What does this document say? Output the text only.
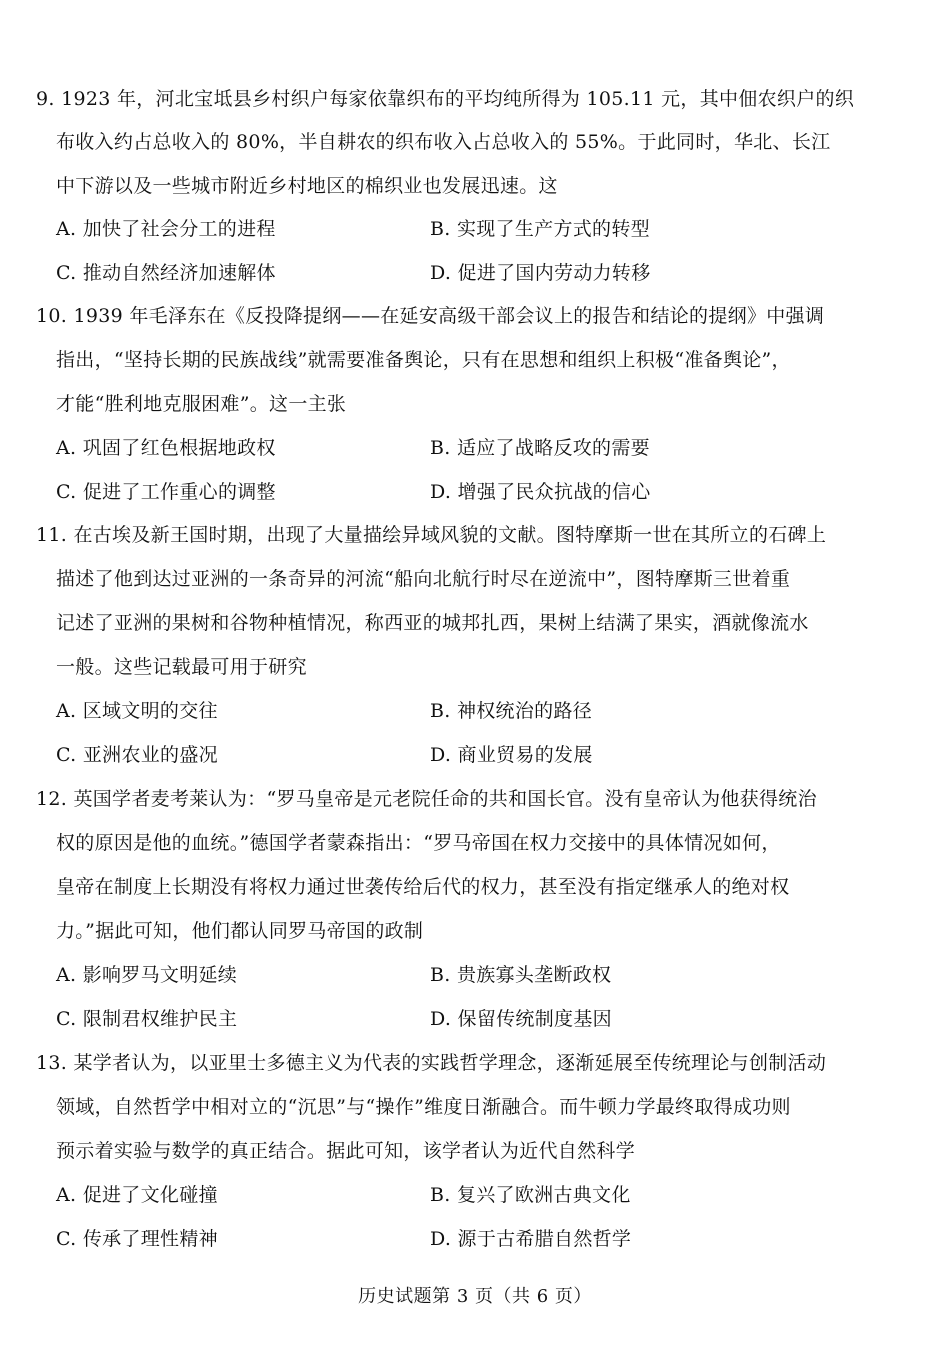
9. 1923 年，河北宝坻县乡村织户每家依靠织布的平均纯所得为 105.11 元，其中佃农织户的织
布收入约占总收入的 80%，半自耕农的织布收入占总收入的 55%。于此同时，华北、长江
中下游以及一些城市附近乡村地区的棉织业也发展迅速。这
A. 加快了社会分工的进程	B. 实现了生产方式的转型
C. 推动自然经济加速解体	D. 促进了国内劳动力转移
10. 1939 年毛泽东在《反投降提纲——在延安高级干部会议上的报告和结论的提纲》中强调
指出，“坚持长期的民族战线”就需要准备舆论，只有在思想和组织上积极“准备舆论”，
才能“胜利地克服困难”。这一主张
A. 巩固了红色根据地政权	B. 适应了战略反攻的需要
C. 促进了工作重心的调整	D. 增强了民众抗战的信心
11. 在古埃及新王国时期，出现了大量描绘异域风貌的文献。图特摩斯一世在其所立的石碑上
描述了他到达过亚洲的一条奇异的河流“船向北航行时尽在逆流中”，图特摩斯三世着重
记述了亚洲的果树和谷物种植情况，称西亚的城邦扎西，果树上结满了果实，酒就像流水
一般。这些记载最可用于研究
A. 区域文明的交往	B. 神权统治的路径
C. 亚洲农业的盛况	D. 商业贸易的发展
12. 英国学者麦考莱认为：“罗马皇帝是元老院任命的共和国长官。没有皇帝认为他获得统治
权的原因是他的血统。”德国学者蒙森指出：“罗马帝国在权力交接中的具体情况如何，
皇帝在制度上长期没有将权力通过世袭传给后代的权力，甚至没有指定继承人的绝对权
力。”据此可知，他们都认同罗马帝国的政制
A. 影响罗马文明延续	B. 贵族寡头垄断政权
C. 限制君权维护民主	D. 保留传统制度基因
13. 某学者认为，以亚里士多德主义为代表的实践哲学理念，逐渐延展至传统理论与创制活动
领域，自然哲学中相对立的“沉思”与“操作”维度日渐融合。而牛顿力学最终取得成功则
预示着实验与数学的真正结合。据此可知，该学者认为近代自然科学
A. 促进了文化碰撞	B. 复兴了欧洲古典文化
C. 传承了理性精神	D. 源于古希腊自然哲学
历史试题第 3 页（共 6 页）
